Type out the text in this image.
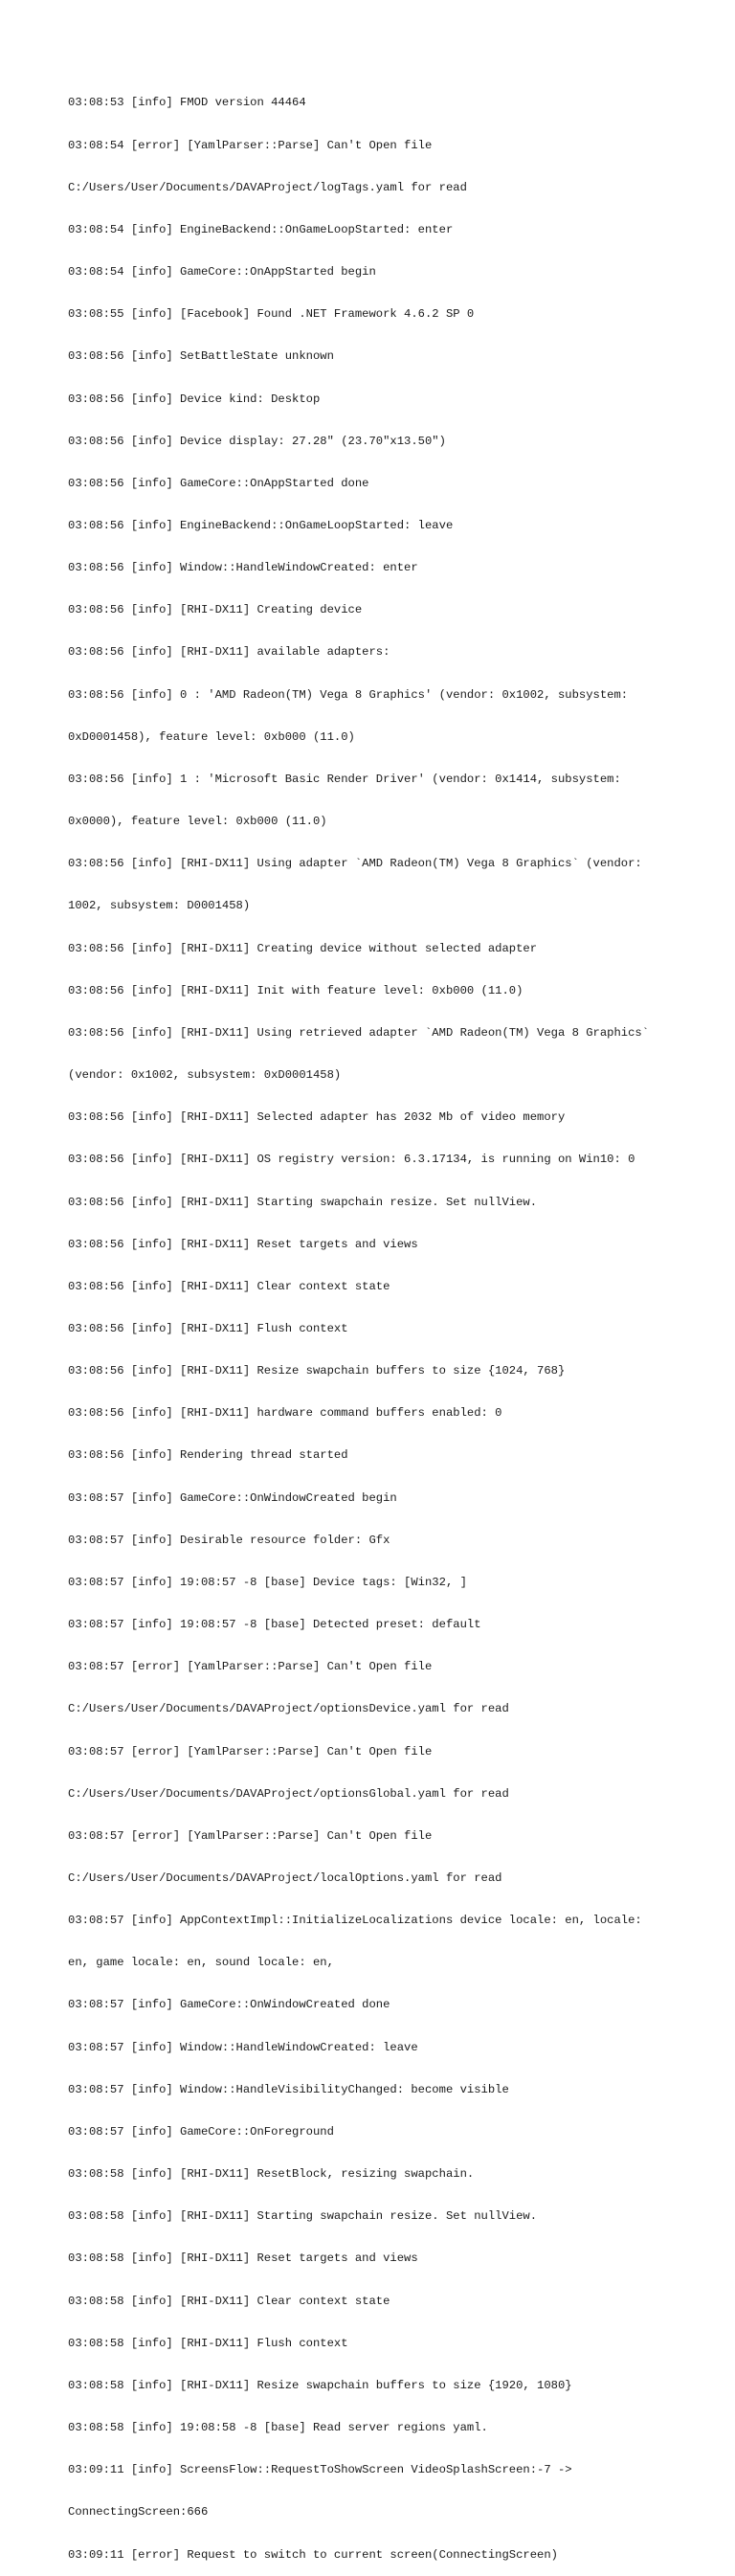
03:08:53 [info] FMOD version 44464

03:08:54 [error] [YamlParser::Parse] Can't Open file

C:/Users/User/Documents/DAVAProject/logTags.yaml for read

03:08:54 [info] EngineBackend::OnGameLoopStarted: enter

03:08:54 [info] GameCore::OnAppStarted begin

03:08:55 [info] [Facebook] Found .NET Framework 4.6.2 SP 0

03:08:56 [info] SetBattleState unknown

03:08:56 [info] Device kind: Desktop

03:08:56 [info] Device display: 27.28" (23.70"x13.50")

03:08:56 [info] GameCore::OnAppStarted done

03:08:56 [info] EngineBackend::OnGameLoopStarted: leave

03:08:56 [info] Window::HandleWindowCreated: enter

03:08:56 [info] [RHI-DX11] Creating device

03:08:56 [info] [RHI-DX11] available adapters:

03:08:56 [info] 0 : 'AMD Radeon(TM) Vega 8 Graphics' (vendor: 0x1002, subsystem:

0xD0001458), feature level: 0xb000 (11.0)

03:08:56 [info] 1 : 'Microsoft Basic Render Driver' (vendor: 0x1414, subsystem:

0x0000), feature level: 0xb000 (11.0)

03:08:56 [info] [RHI-DX11] Using adapter `AMD Radeon(TM) Vega 8 Graphics` (vendor:

1002, subsystem: D0001458)

03:08:56 [info] [RHI-DX11] Creating device without selected adapter

03:08:56 [info] [RHI-DX11] Init with feature level: 0xb000 (11.0)

03:08:56 [info] [RHI-DX11] Using retrieved adapter `AMD Radeon(TM) Vega 8 Graphics`

(vendor: 0x1002, subsystem: 0xD0001458)

03:08:56 [info] [RHI-DX11] Selected adapter has 2032 Mb of video memory

03:08:56 [info] [RHI-DX11] OS registry version: 6.3.17134, is running on Win10: 0

03:08:56 [info] [RHI-DX11] Starting swapchain resize. Set nullView.

03:08:56 [info] [RHI-DX11] Reset targets and views

03:08:56 [info] [RHI-DX11] Clear context state

03:08:56 [info] [RHI-DX11] Flush context

03:08:56 [info] [RHI-DX11] Resize swapchain buffers to size {1024, 768}

03:08:56 [info] [RHI-DX11] hardware command buffers enabled: 0

03:08:56 [info] Rendering thread started

03:08:57 [info] GameCore::OnWindowCreated begin

03:08:57 [info] Desirable resource folder: Gfx

03:08:57 [info] 19:08:57 -8 [base] Device tags: [Win32, ]

03:08:57 [info] 19:08:57 -8 [base] Detected preset: default

03:08:57 [error] [YamlParser::Parse] Can't Open file

C:/Users/User/Documents/DAVAProject/optionsDevice.yaml for read

03:08:57 [error] [YamlParser::Parse] Can't Open file

C:/Users/User/Documents/DAVAProject/optionsGlobal.yaml for read

03:08:57 [error] [YamlParser::Parse] Can't Open file

C:/Users/User/Documents/DAVAProject/localOptions.yaml for read

03:08:57 [info] AppContextImpl::InitializeLocalizations device locale: en, locale:

en, game locale: en, sound locale: en,

03:08:57 [info] GameCore::OnWindowCreated done

03:08:57 [info] Window::HandleWindowCreated: leave

03:08:57 [info] Window::HandleVisibilityChanged: become visible

03:08:57 [info] GameCore::OnForeground

03:08:58 [info] [RHI-DX11] ResetBlock, resizing swapchain.

03:08:58 [info] [RHI-DX11] Starting swapchain resize. Set nullView.

03:08:58 [info] [RHI-DX11] Reset targets and views

03:08:58 [info] [RHI-DX11] Clear context state

03:08:58 [info] [RHI-DX11] Flush context

03:08:58 [info] [RHI-DX11] Resize swapchain buffers to size {1920, 1080}

03:08:58 [info] 19:08:58 -8 [base] Read server regions yaml.

03:09:11 [info] ScreensFlow::RequestToShowScreen VideoSplashScreen:-7 ->

ConnectingScreen:666

03:09:11 [error] Request to switch to current screen(ConnectingScreen)
